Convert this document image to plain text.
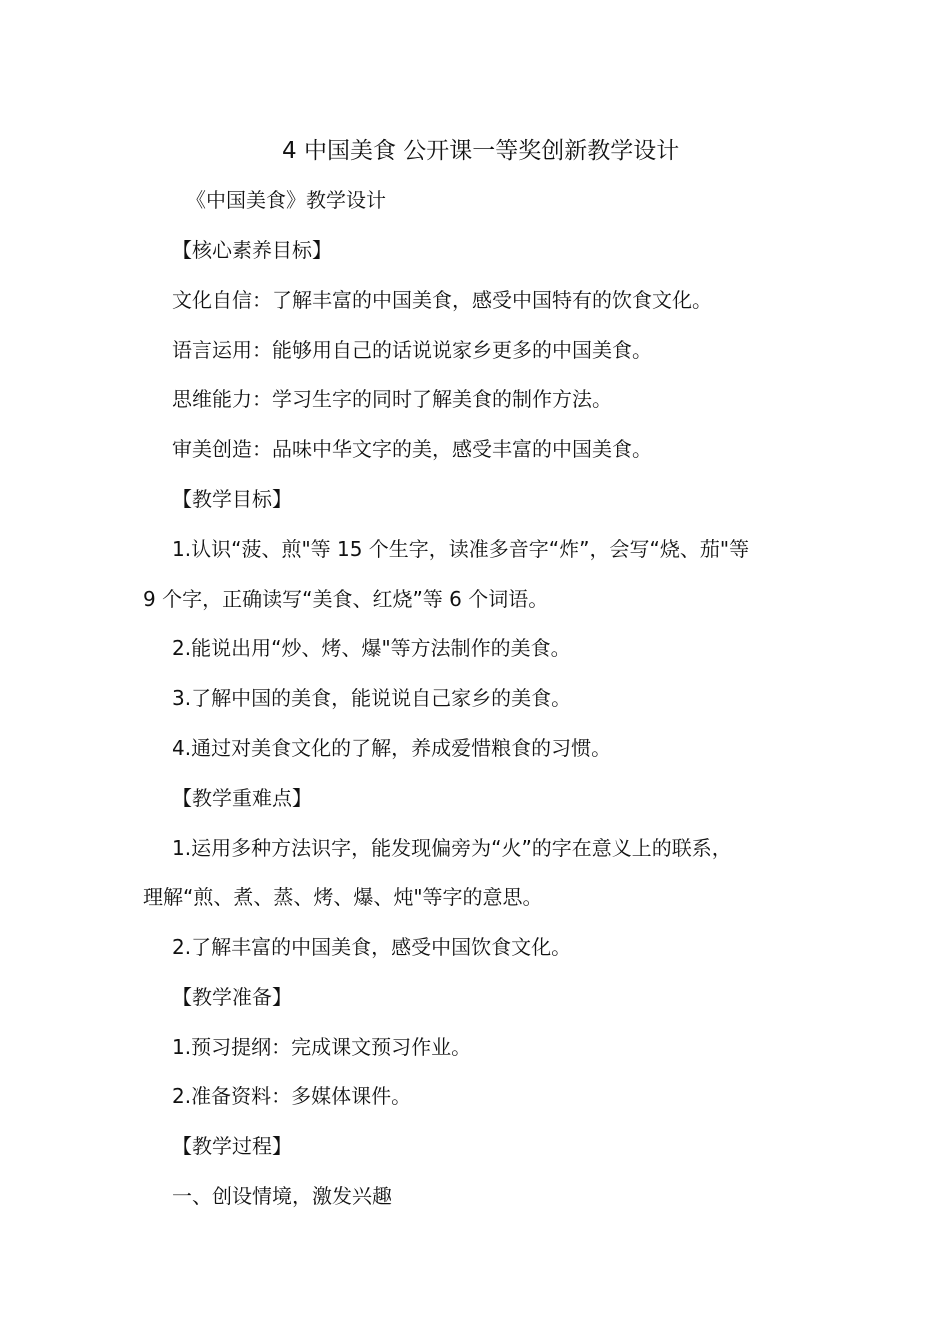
4 中国美食 公开课一等奖创新教学设计
《中国美食》教学设计
【核心素养目标】
文化自信：了解丰富的中国美食，感受中国特有的饮食文化。
语言运用：能够用自己的话说说家乡更多的中国美食。
思维能力：学习生字的同时了解美食的制作方法。
审美创造：品味中华文字的美，感受丰富的中国美食。
【教学目标】
1.认识“菠、煎"等 15 个生字，读准多音字“炸”，会写“烧、茄"等
9 个字，正确读写“美食、红烧”等 6 个词语。
2.能说出用“炒、烤、爆"等方法制作的美食。
3.了解中国的美食，能说说自己家乡的美食。
4.通过对美食文化的了解，养成爱惜粮食的习惯。
【教学重难点】
1.运用多种方法识字，能发现偏旁为“火”的字在意义上的联系，
理解“煎、煮、蒸、烤、爆、炖"等字的意思。
2.了解丰富的中国美食，感受中国饮食文化。
【教学准备】
1.预习提纲：完成课文预习作业。
2.准备资料：多媒体课件。
【教学过程】
一、创设情境，激发兴趣
